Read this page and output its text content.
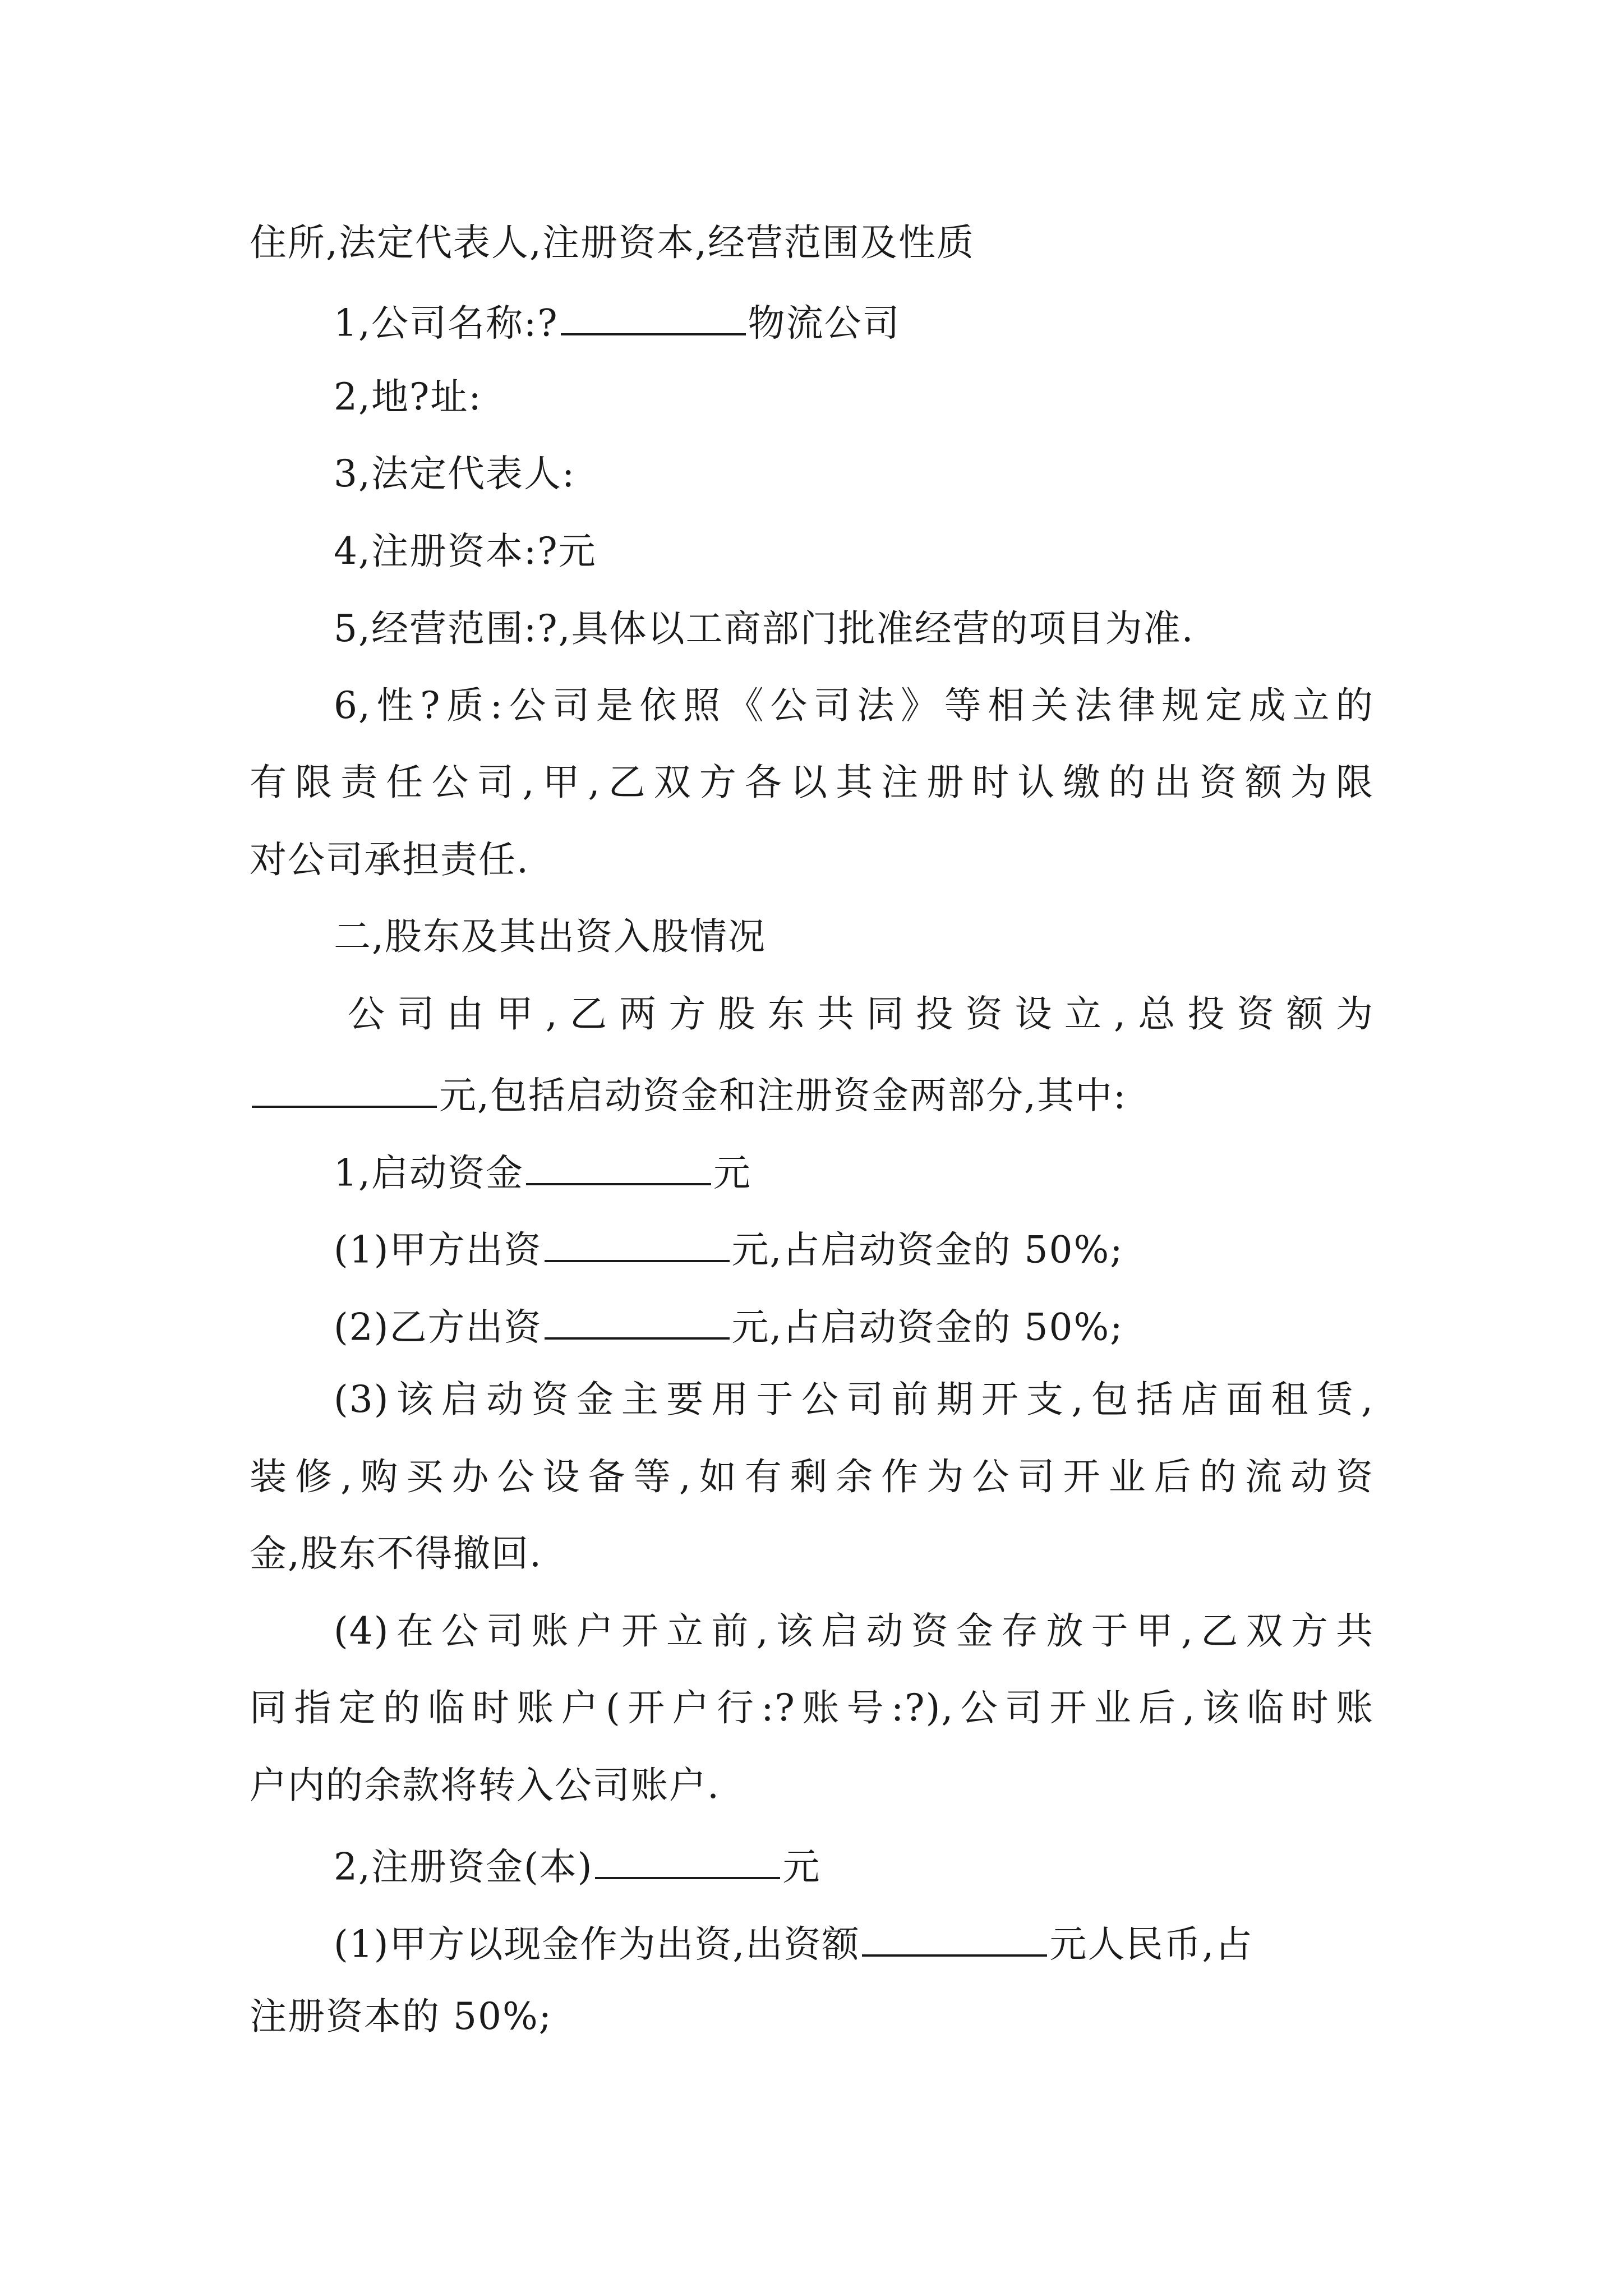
住所,法定代表人,注册资本,经营范围及性质
1,公司名称:?	物流公司
2,地?址:
3,法定代表人:
4,注册资本:?元
5,经营范围:?,具体以工商部门批准经营的项目为准.
6,性?质:公司是依照《公司法》等相关法律规定成立的
有限责任公司,甲,乙双方各以其注册时认缴的出资额为限
对公司承担责任.
二,股东及其出资入股情况
公司由甲,乙两方股东共同投资设立,总投资额为
元,包括启动资金和注册资金两部分,其中:
1,启动资金	元
(1)甲方出资	元,占启动资金的 50%;
(2)乙方出资	元,占启动资金的 50%;
(3)该启动资金主要用于公司前期开支,包括店面租赁,
装修,购买办公设备等,如有剩余作为公司开业后的流动资
金,股东不得撤回.
(4)在公司账户开立前,该启动资金存放于甲,乙双方共
同指定的临时账户(开户行:?账号:?),公司开业后,该临时账
户内的余款将转入公司账户.
2,注册资金(本)	元
(1)甲方以现金作为出资,出资额	元人民币,占
注册资本的 50%;
